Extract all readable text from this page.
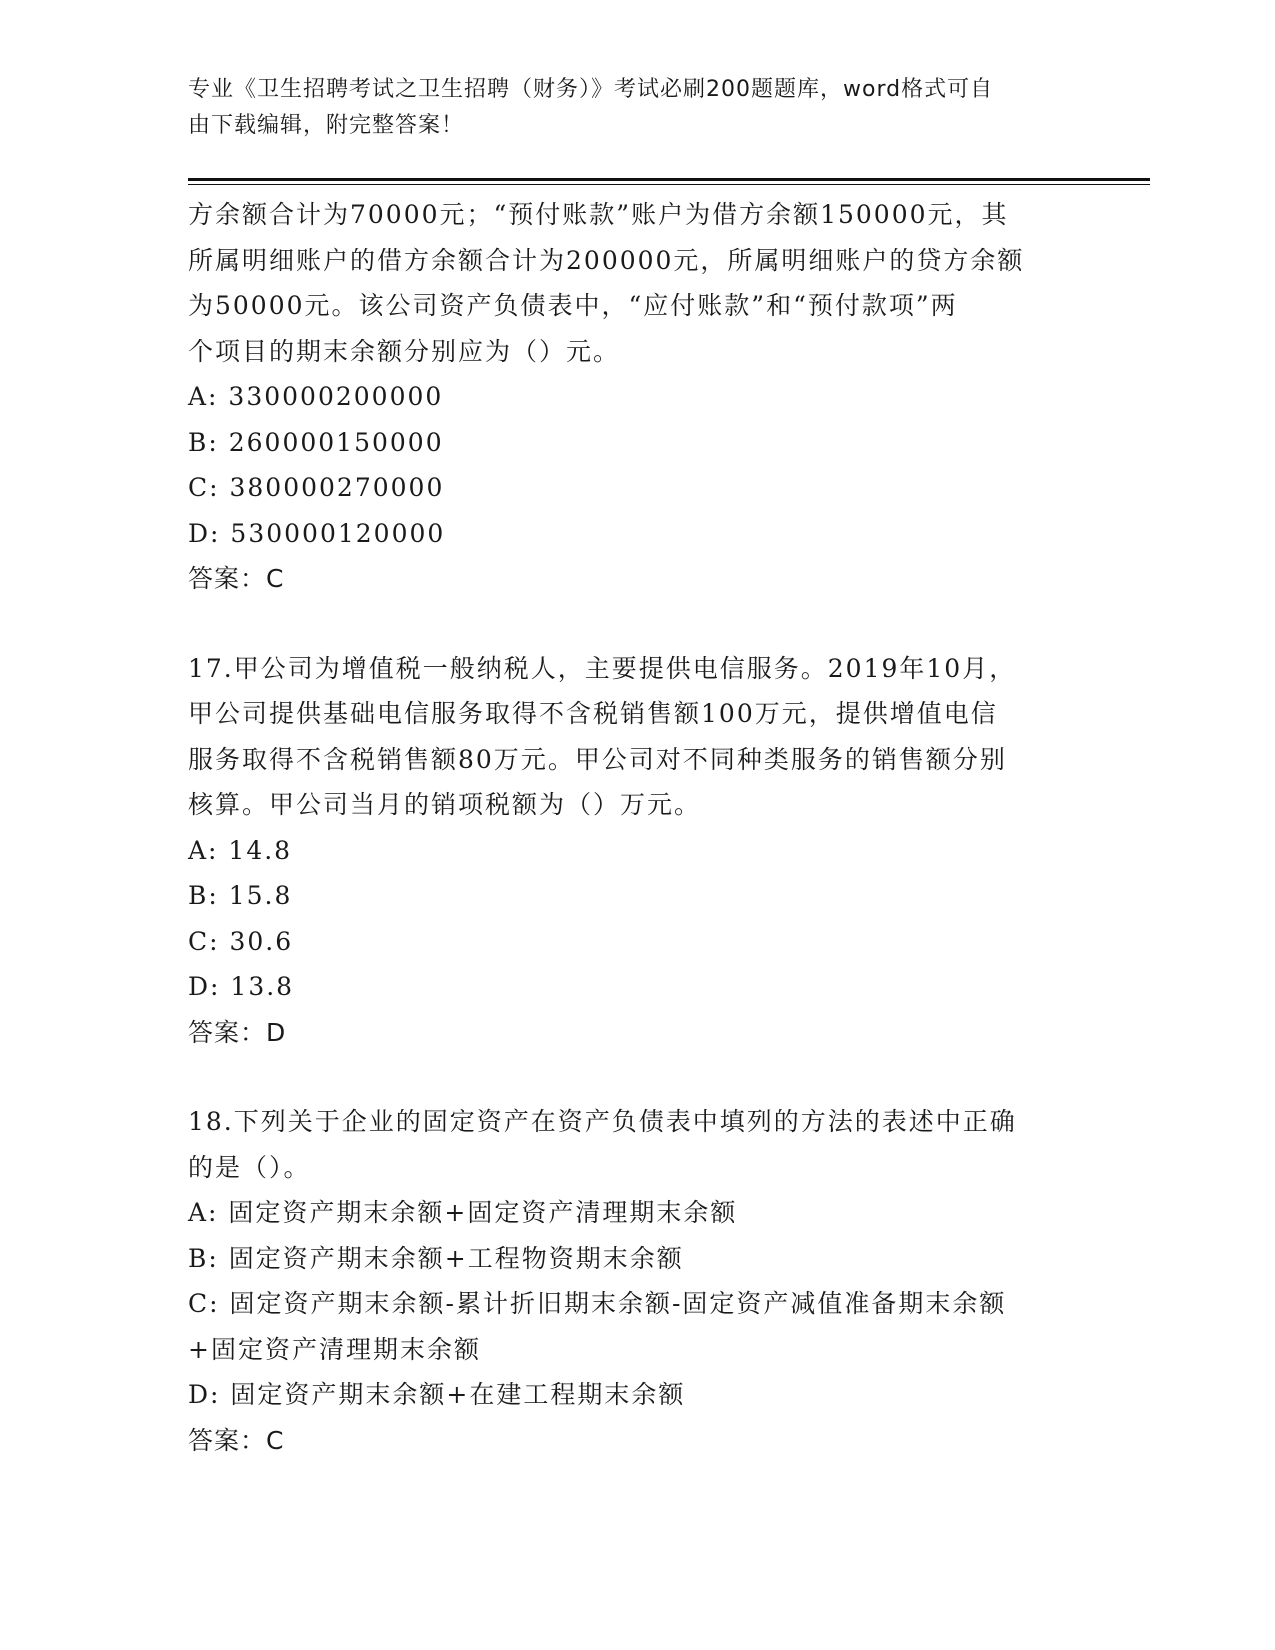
专业《卫生招聘考试之卫生招聘（财务）》考试必刷200题题库，word格式可自
由下载编辑，附完整答案！

方余额合计为70000元；“预付账款”账户为借方余额150000元，其

所属明细账户的借方余额合计为200000元，所属明细账户的贷方余额

为50000元。该公司资产负债表中，“应付账款”和“预付款项”两

个项目的期末余额分别应为（）元。

A: 330000200000

B: 260000150000

C: 380000270000

D: 530000120000

答案：C

17.甲公司为增值税一般纳税人，主要提供电信服务。2019年10月，

甲公司提供基础电信服务取得不含税销售额100万元，提供增值电信

服务取得不含税销售额80万元。甲公司对不同种类服务的销售额分别

核算。甲公司当月的销项税额为（）万元。

A: 14.8

B: 15.8

C: 30.6

D: 13.8

答案：D

18.下列关于企业的固定资产在资产负债表中填列的方法的表述中正确

的是（）。

A: 固定资产期末余额+固定资产清理期末余额

B: 固定资产期末余额+工程物资期末余额

C: 固定资产期末余额-累计折旧期末余额-固定资产减值准备期末余额

+固定资产清理期末余额

D: 固定资产期末余额+在建工程期末余额

答案：C
